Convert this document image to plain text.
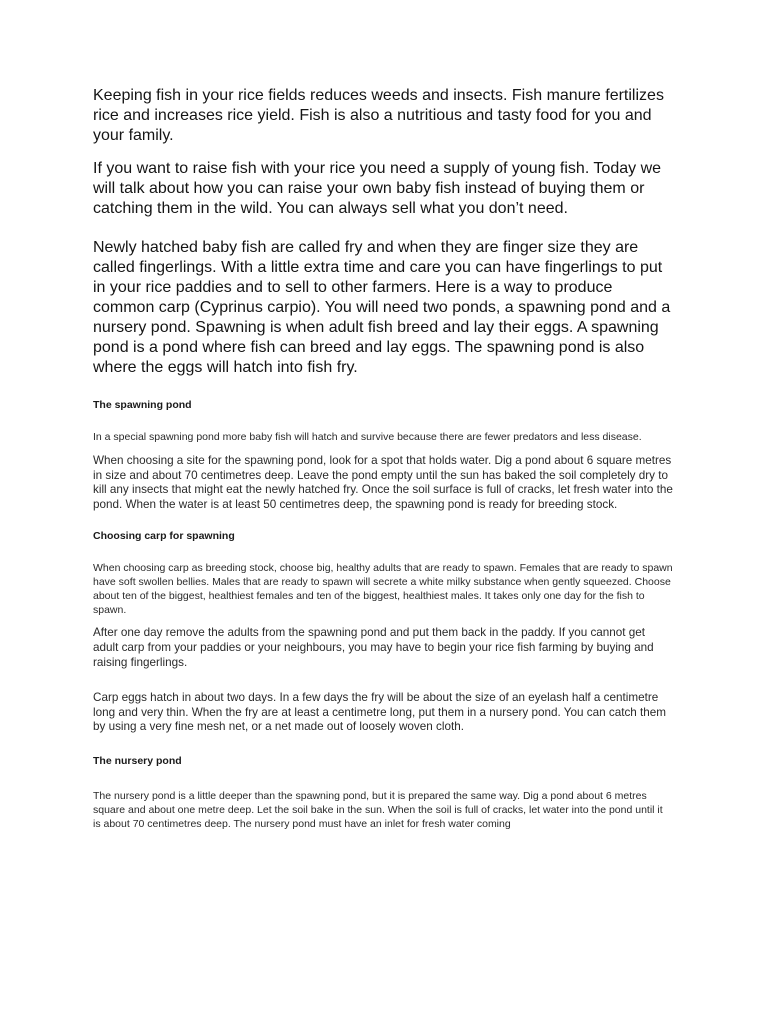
Keeping fish in your rice fields reduces weeds and insects. Fish manure fertilizes rice and increases rice yield. Fish is also a nutritious and tasty food for you and your family.

If you want to raise fish with your rice you need a supply of young fish. Today we will talk about how you can raise your own baby fish instead of buying them or catching them in the wild. You can always sell what you don’t need.

Newly hatched baby fish are called fry and when they are finger size they are called fingerlings. With a little extra time and care you can have fingerlings to put in your rice paddies and to sell to other farmers. Here is a way to produce common carp (Cyprinus carpio). You will need two ponds, a spawning pond and a nursery pond. Spawning is when adult fish breed and lay their eggs. A spawning pond is a pond where fish can breed and lay eggs. The spawning pond is also where the eggs will hatch into fish fry.

The spawning pond

In a special spawning pond more baby fish will hatch and survive because there are fewer predators and less disease.

When choosing a site for the spawning pond, look for a spot that holds water. Dig a pond about 6 square metres in size and about 70 centimetres deep. Leave the pond empty until the sun has baked the soil completely dry to kill any insects that might eat the newly hatched fry. Once the soil surface is full of cracks, let fresh water into the pond. When the water is at least 50 centimetres deep, the spawning pond is ready for breeding stock.

Choosing carp for spawning

When choosing carp as breeding stock, choose big, healthy adults that are ready to spawn. Females that are ready to spawn have soft swollen bellies. Males that are ready to spawn will secrete a white milky substance when gently squeezed. Choose about ten of the biggest, healthiest females and ten of the biggest, healthiest males. It takes only one day for the fish to spawn.

After one day remove the adults from the spawning pond and put them back in the paddy. If you cannot get adult carp from your paddies or your neighbours, you may have to begin your rice fish farming by buying and raising fingerlings.

Carp eggs hatch in about two days. In a few days the fry will be about the size of an eyelash half a centimetre long and very thin. When the fry are at least a centimetre long, put them in a nursery pond. You can catch them by using a very fine mesh net, or a net made out of loosely woven cloth.

The nursery pond

The nursery pond is a little deeper than the spawning pond, but it is prepared the same way. Dig a pond about 6 metres square and about one metre deep. Let the soil bake in the sun. When the soil is full of cracks, let water into the pond until it is about 70 centimetres deep. The nursery pond must have an inlet for fresh water coming
